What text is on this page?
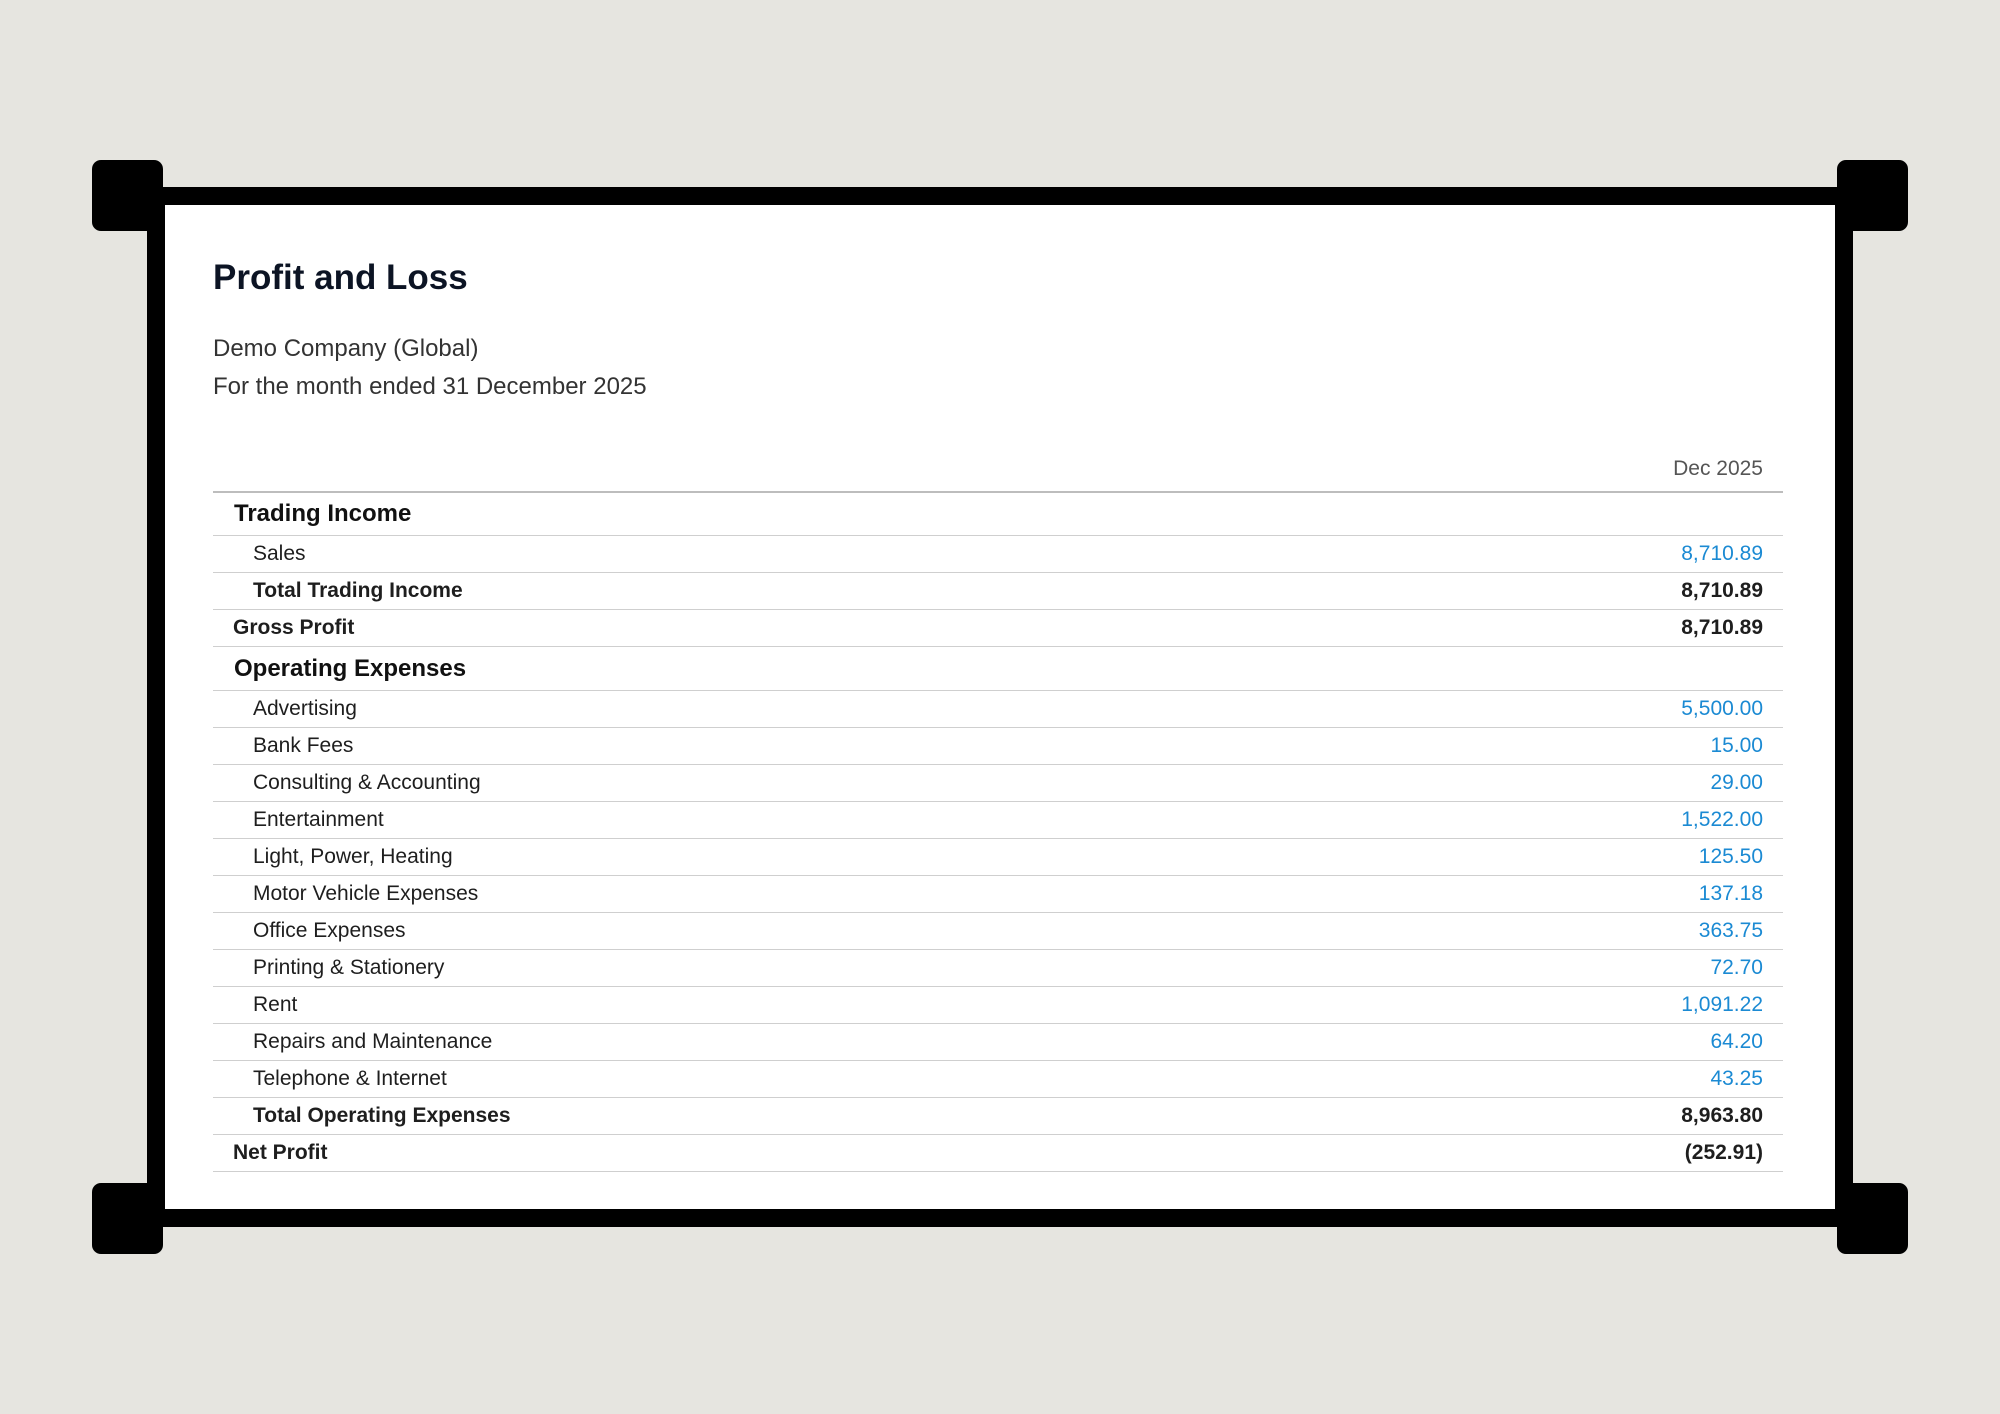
Profit and Loss
Demo Company (Global)
For the month ended 31 December 2025
Dec 2025
Trading Income
Sales	8,710.89
Total Trading Income	8,710.89
Gross Profit	8,710.89
Operating Expenses
Advertising	5,500.00
Bank Fees	15.00
Consulting & Accounting	29.00
Entertainment	1,522.00
Light, Power, Heating	125.50
Motor Vehicle Expenses	137.18
Office Expenses	363.75
Printing & Stationery	72.70
Rent	1,091.22
Repairs and Maintenance	64.20
Telephone & Internet	43.25
Total Operating Expenses	8,963.80
Net Profit	(252.91)
